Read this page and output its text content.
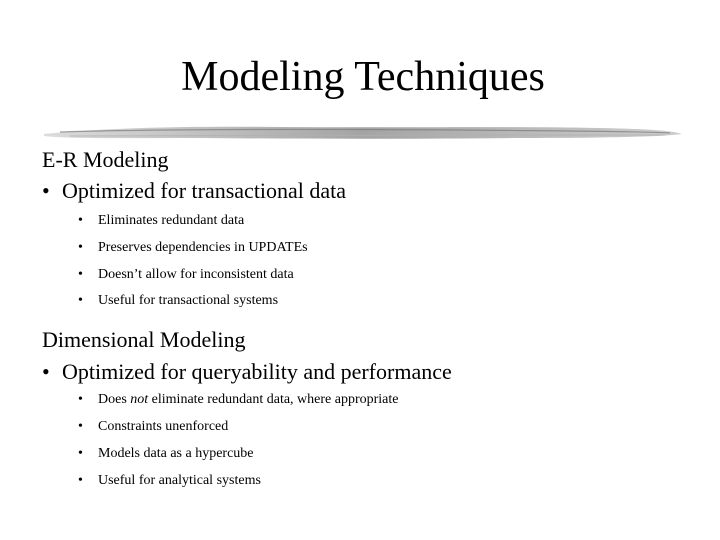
Modeling Techniques
E-R Modeling
• Optimized for transactional data
• Eliminates redundant data
• Preserves dependencies in UPDATEs
• Doesn’t allow for inconsistent data
• Useful for transactional systems
Dimensional Modeling
• Optimized for queryability and performance
• Does not eliminate redundant data, where appropriate
• Constraints unenforced
• Models data as a hypercube
• Useful for analytical systems
